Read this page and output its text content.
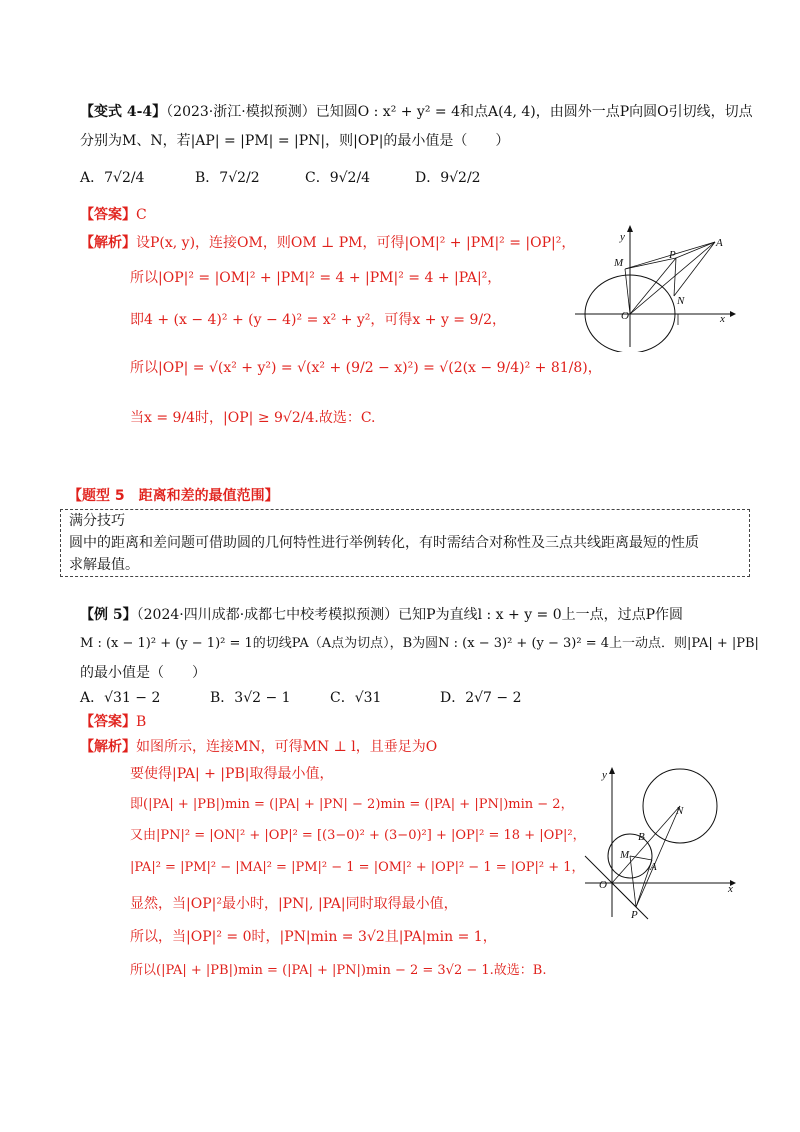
【变式 4-4】（2023·浙江·模拟预测）已知圆O : x² + y² = 4和点A(4, 4)，由圆外一点P向圆O引切线，切点
分别为M、N，若|AP| = |PM| = |PN|，则|OP|的最小值是（　　）
A．7√2/4	B．7√2/2	C．9√2/4	D．9√2/2
【答案】C
【解析】设P(x, y)，连接OM，则OM ⊥ PM，可得|OM|² + |PM|² = |OP|²，
所以|OP|² = |OM|² + |PM|² = 4 + |PM|² = 4 + |PA|²，
即4 + (x − 4)² + (y − 4)² = x² + y²，可得x + y = 9/2，
所以|OP| = √(x² + y²) = √(x² + (9/2 − x)²) = √(2(x − 9/4)² + 81/8)，
当x = 9/4时，|OP| ≥ 9√2/4.故选：C.
y	A
P
M
N
O	x
【题型 5　距离和差的最值范围】
满分技巧
圆中的距离和差问题可借助圆的几何特性进行举例转化，有时需结合对称性及三点共线距离最短的性质
求解最值。
【例 5】（2024·四川成都·成都七中校考模拟预测）已知P为直线l : x + y = 0上一点，过点P作圆
M : (x − 1)² + (y − 1)² = 1的切线PA（A点为切点），B为圆N : (x − 3)² + (y − 3)² = 4上一动点．则|PA| + |PB|
的最小值是（　　）
A．√31 − 2	B．3√2 − 1	C．√31	D．2√7 − 2
【答案】B
【解析】如图所示，连接MN，可得MN ⊥ l，且垂足为O
要使得|PA| + |PB|取得最小值，
即(|PA| + |PB|)min = (|PA| + |PN| − 2)min = (|PA| + |PN|)min − 2，
又由|PN|² = |ON|² + |OP|² = [(3−0)² + (3−0)²] + |OP|² = 18 + |OP|²，
|PA|² = |PM|² − |MA|² = |PM|² − 1 = |OM|² + |OP|² − 1 = |OP|² + 1，
显然，当|OP|²最小时，|PN|, |PA|同时取得最小值，
所以，当|OP|² = 0时，|PN|min = 3√2且|PA|min = 1，
所以(|PA| + |PB|)min = (|PA| + |PN|)min − 2 = 3√2 − 1.故选：B.
y
N
B
M
A
O
P
x
